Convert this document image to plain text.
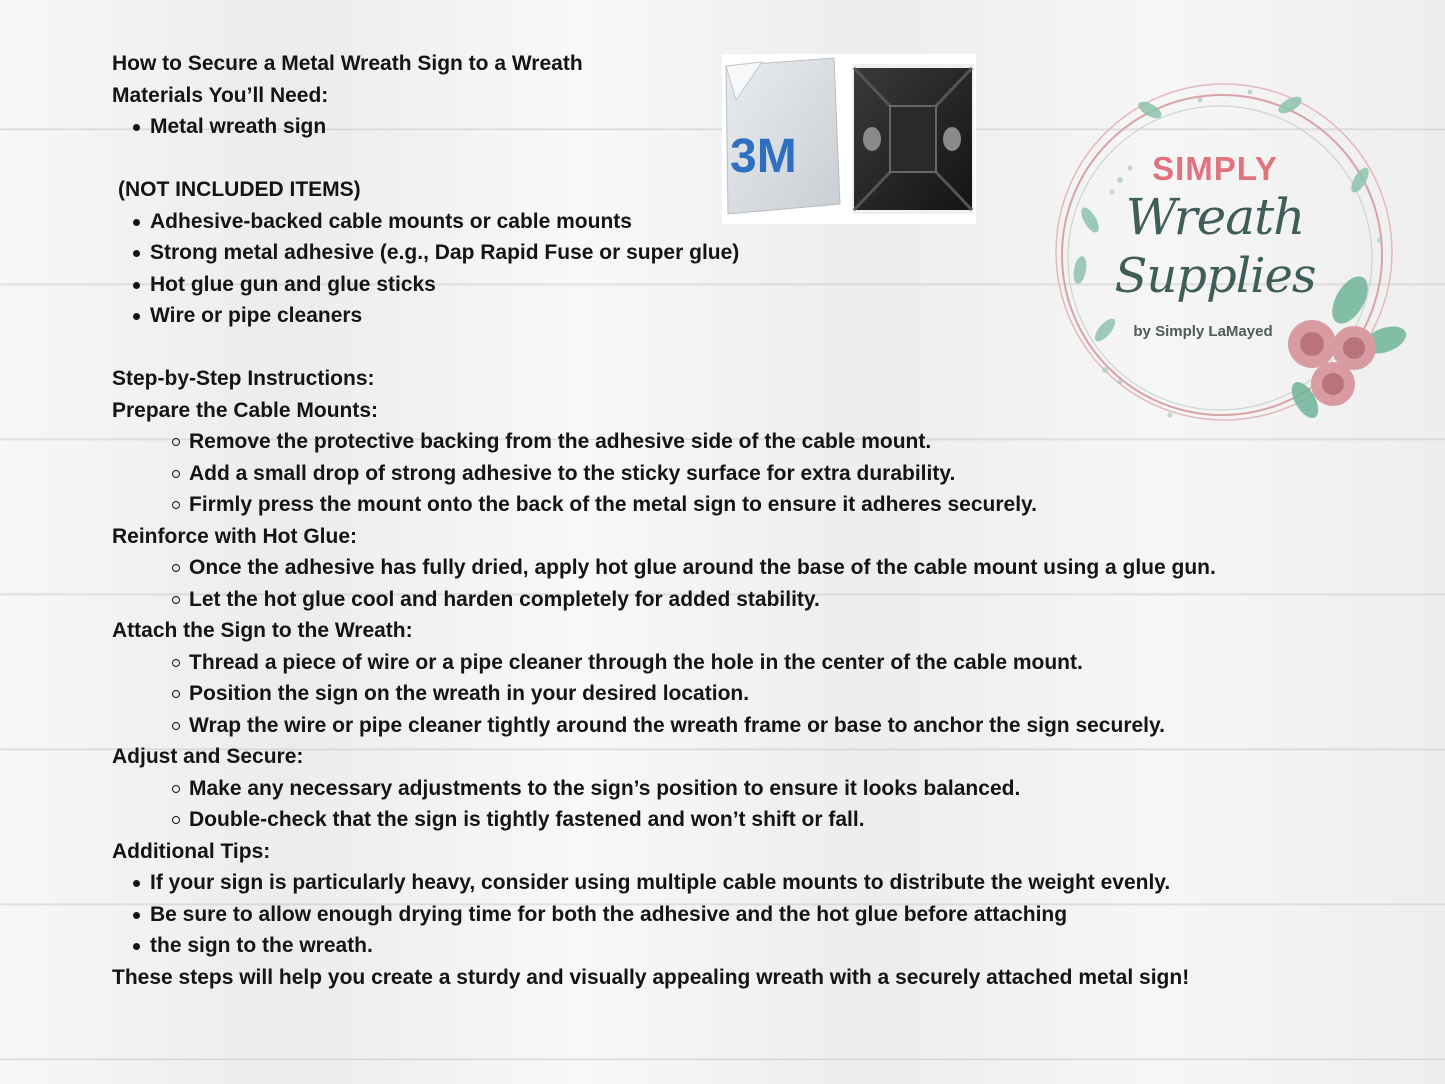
How to Secure a Metal Wreath Sign to a Wreath
Materials You’ll Need:
Metal wreath sign
(NOT INCLUDED ITEMS)
Adhesive-backed cable mounts or cable mounts
Strong metal adhesive (e.g., Dap Rapid Fuse or super glue)
Hot glue gun and glue sticks
Wire or pipe cleaners
Step-by-Step Instructions:
Prepare the Cable Mounts:
Remove the protective backing from the adhesive side of the cable mount.
Add a small drop of strong adhesive to the sticky surface for extra durability.
Firmly press the mount onto the back of the metal sign to ensure it adheres securely.
Reinforce with Hot Glue:
Once the adhesive has fully dried, apply hot glue around the base of the cable mount using a glue gun.
Let the hot glue cool and harden completely for added stability.
Attach the Sign to the Wreath:
Thread a piece of wire or a pipe cleaner through the hole in the center of the cable mount.
Position the sign on the wreath in your desired location.
Wrap the wire or pipe cleaner tightly around the wreath frame or base to anchor the sign securely.
Adjust and Secure:
Make any necessary adjustments to the sign’s position to ensure it looks balanced.
Double-check that the sign is tightly fastened and won’t shift or fall.
Additional Tips:
If your sign is particularly heavy, consider using multiple cable mounts to distribute the weight evenly.
Be sure to allow enough drying time for both the adhesive and the hot glue before attaching
the sign to the wreath.
These steps will help you create a sturdy and visually appealing wreath with a securely attached metal sign!
3M	SIMPLY
Wreath
Supplies
by Simply LaMayed
